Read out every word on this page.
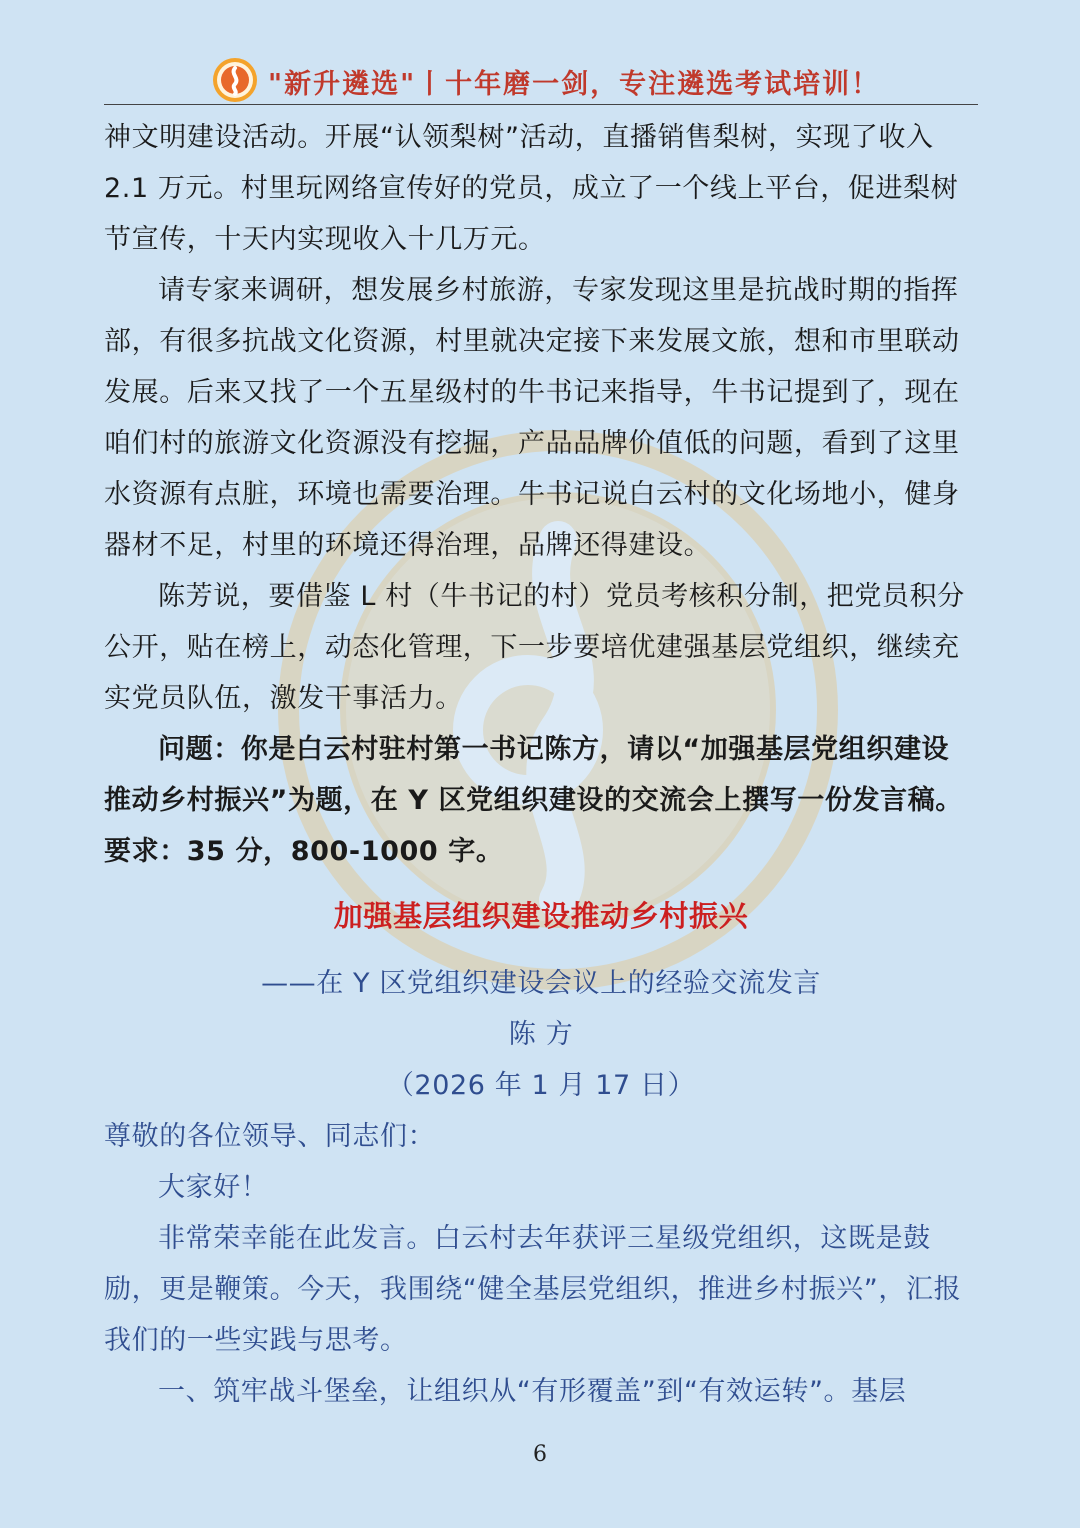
"新升遴选"丨十年磨一剑，专注遴选考试培训！

神文明建设活动。开展“认领梨树”活动，直播销售梨树，实现了收入 2.1 万元。村里玩网络宣传好的党员，成立了一个线上平台，促进梨树节宣传，十天内实现收入十几万元。

请专家来调研，想发展乡村旅游，专家发现这里是抗战时期的指挥部，有很多抗战文化资源，村里就决定接下来发展文旅，想和市里联动发展。后来又找了一个五星级村的牛书记来指导，牛书记提到了，现在咱们村的旅游文化资源没有挖掘，产品品牌价值低的问题，看到了这里水资源有点脏，环境也需要治理。牛书记说白云村的文化场地小，健身器材不足，村里的环境还得治理，品牌还得建设。

陈芳说，要借鉴 L 村（牛书记的村）党员考核积分制，把党员积分公开，贴在榜上，动态化管理，下一步要培优建强基层党组织，继续充实党员队伍，激发干事活力。

问题：你是白云村驻村第一书记陈方，请以“加强基层党组织建设 推动乡村振兴”为题，在 Y 区党组织建设的交流会上撰写一份发言稿。要求：35 分，800-1000 字。

加强基层组织建设推动乡村振兴

——在 Y 区党组织建设会议上的经验交流发言

陈 方

（2026 年 1 月 17 日）

尊敬的各位领导、同志们：

大家好！

非常荣幸能在此发言。白云村去年获评三星级党组织，这既是鼓励，更是鞭策。今天，我围绕“健全基层党组织，推进乡村振兴”，汇报我们的一些实践与思考。

一、筑牢战斗堡垒，让组织从“有形覆盖”到“有效运转”。基层

6
